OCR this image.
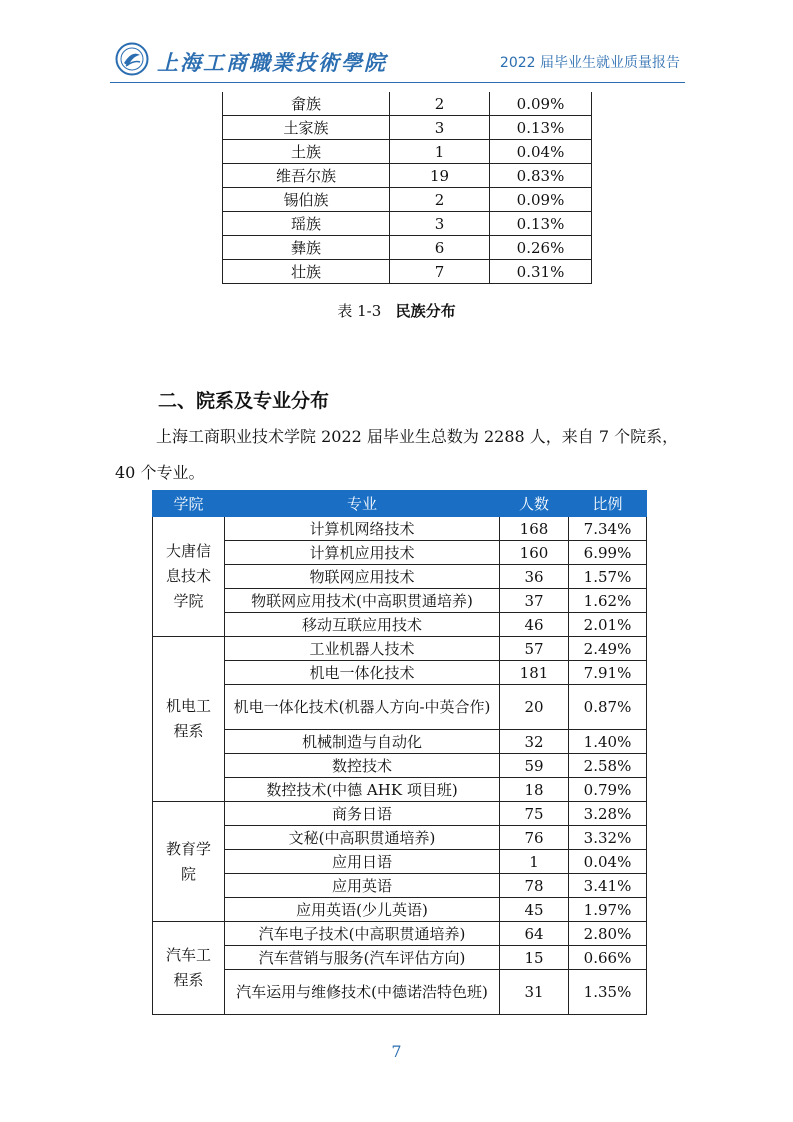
上海工商職業技術學院	2022 届毕业生就业质量报告
畲族	2	0.09%
土家族	3	0.13%
土族	1	0.04%
维吾尔族	19	0.83%
锡伯族	2	0.09%
瑶族	3	0.13%
彝族	6	0.26%
壮族	7	0.31%
表 1-3 民族分布
二、院系及专业分布
上海工商职业技术学院 2022 届毕业生总数为 2288 人，来自 7 个院系，40 个专业。
学院	专业	人数	比例
大唐信息技术学院	计算机网络技术	168	7.34%
	计算机应用技术	160	6.99%
	物联网应用技术	36	1.57%
	物联网应用技术(中高职贯通培养)	37	1.62%
	移动互联应用技术	46	2.01%
机电工程系	工业机器人技术	57	2.49%
	机电一体化技术	181	7.91%
	机电一体化技术(机器人方向-中英合作)	20	0.87%
	机械制造与自动化	32	1.40%
	数控技术	59	2.58%
	数控技术(中德 AHK 项目班)	18	0.79%
教育学院	商务日语	75	3.28%
	文秘(中高职贯通培养)	76	3.32%
	应用日语	1	0.04%
	应用英语	78	3.41%
	应用英语(少儿英语)	45	1.97%
汽车工程系	汽车电子技术(中高职贯通培养)	64	2.80%
	汽车营销与服务(汽车评估方向)	15	0.66%
	汽车运用与维修技术(中德诺浩特色班)	31	1.35%
7
